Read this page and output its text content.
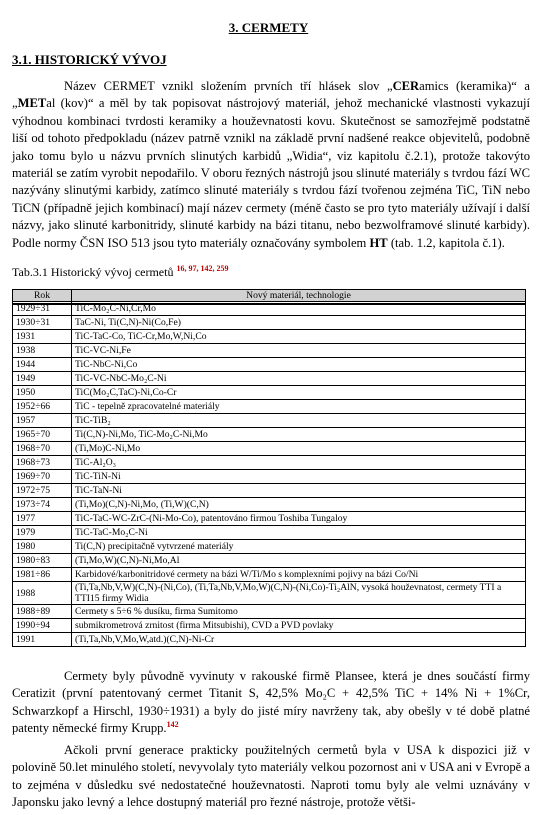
3. CERMETY
3.1. HISTORICKÝ VÝVOJ

Název CERMET vznikl složením prvních tří hlásek slov „CERamics (keramika)“ a „METal (kov)“ a měl by tak popisovat nástrojový materiál, jehož mechanické vlastnosti vykazují výhodnou kombinaci tvrdosti keramiky a houževnatosti kovu. Skutečnost se samozřejmě podstatně liší od tohoto předpokladu (název patrně vznikl na základě první nadšené reakce objevitelů, podobně jako tomu bylo u názvu prvních slinutých karbidů „Widia“, viz kapitolu č.2.1), protože takovýto materiál se zatím vyrobit nepodařilo. V oboru řezných nástrojů jsou slinuté materiály s tvrdou fází WC nazývány slinutými karbidy, zatímco slinuté materiály s tvrdou fází tvořenou zejména TiC, TiN nebo TiCN (případně jejich kombinací) mají název cermety (méně často se pro tyto materiály užívají i další názvy, jako slinuté karbonitridy, slinuté karbidy na bázi titanu, nebo bezwolframové slinuté karbidy). Podle normy ČSN ISO 513 jsou tyto materiály označovány symbolem HT (tab. 1.2, kapitola č.1).

Tab.3.1 Historický vývoj cermetů $^{16, 97, 142, 259}$
Rok	Nový materiál, technologie
1929÷31	TiC-Mo₂C-Ni,Cr,Mo
1930÷31	TaC-Ni, Ti(C,N)-Ni(Co,Fe)
1931	TiC-TaC-Co, TiC-Cr,Mo,W,Ni,Co
1938	TiC-VC-Ni,Fe
1944	TiC-NbC-Ni,Co
1949	TiC-VC-NbC-Mo₂C-Ni
1950	TiC(Mo₂C,TaC)-Ni,Co-Cr
1952÷66	TiC - tepelně zpracovatelné materiály
1957	TiC-TiB₂
1965÷70	Ti(C,N)-Ni,Mo, TiC-Mo₂C-Ni,Mo
1968÷70	(Ti,Mo)C-Ni,Mo
1968÷73	TiC-Al₂O₃
1969÷70	TiC-TiN-Ni
1972÷75	TiC-TaN-Ni
1973÷74	(Ti,Mo)(C,N)-Ni,Mo, (Ti,W)(C,N)
1977	TiC-TaC-WC-ZrC-(Ni-Mo-Co), patentováno firmou Toshiba Tungaloy
1979	TiC-TaC-Mo₂C-Ni
1980	Ti(C,N) precipitačně vytvrzené materiály
1980÷83	(Ti,Mo,W)(C,N)-Ni,Mo,Al
1981÷86	Karbidové/karbonitridové cermety na bázi W/Ti/Mo s komplexními pojivy na bázi Co/Ni
1988	(Ti,Ta,Nb,V,W)(C,N)-(Ni,Co), (Ti,Ta,Nb,V,Mo,W)(C,N)-(Ni,Co)-Ti₂AlN, vysoká houževnatost, cermety TTI a TTI15 firmy Widia
1988÷89	Cermety s 5÷6 % dusíku, firma Sumitomo
1990÷94	submikrometrová zrnitost (firma Mitsubishi), CVD a PVD povlaky
1991	(Ti,Ta,Nb,V,Mo,W,atd.)(C,N)-Ni-Cr

Cermety byly původně vyvinuty v rakouské firmě Plansee, která je dnes součástí firmy Ceratizit (první patentovaný cermet Titanit S, 42,5% Mo₂C + 42,5% TiC + 14% Ni + 1%Cr, Schwarzkopf a Hirschl, 1930÷1931) a byly do jisté míry navrženy tak, aby obešly v té době platné patenty německé firmy Krupp.$^{142}$

Ačkoli první generace prakticky použitelných cermetů byla v USA k dispozici již v polovině 50.let minulého století, nevyvolaly tyto materiály velkou pozornost ani v USA ani v Evropě a to zejména v důsledku své nedostatečné houževnatosti. Naproti tomu byly ale velmi uznávány v Japonsku jako levný a lehce dostupný materiál pro řezné nástroje, protože větši-
